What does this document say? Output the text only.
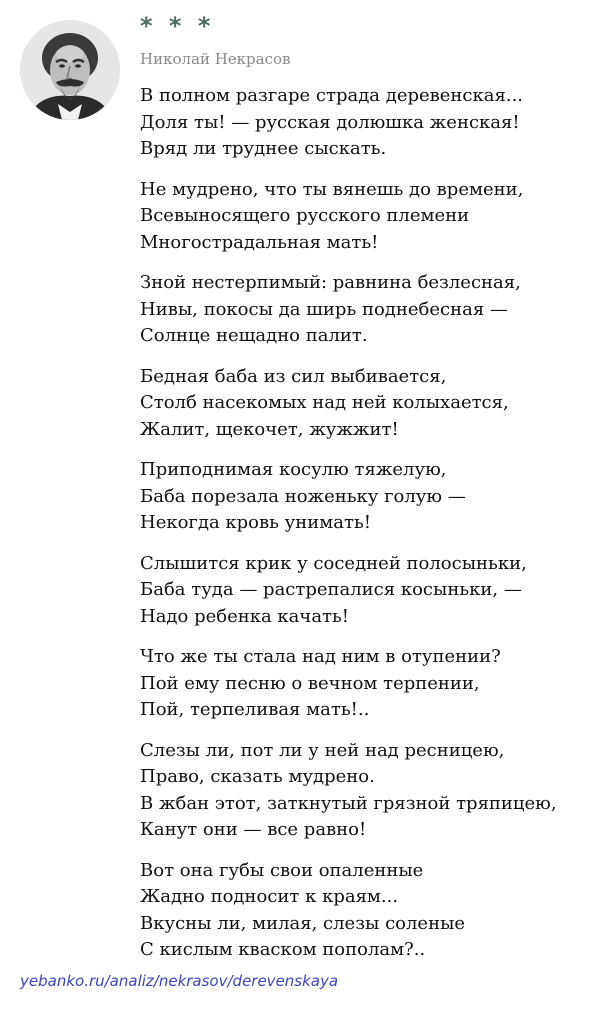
* * *
Николай Некрасов
В полном разгаре страда деревенская...
Доля ты! — русская долюшка женская!
Вряд ли труднее сыскать.
Не мудрено, что ты вянешь до времени,
Всевыносящего русского племени
Многострадальная мать!
Зной нестерпимый: равнина безлесная,
Нивы, покосы да ширь поднебесная —
Солнце нещадно палит.
Бедная баба из сил выбивается,
Столб насекомых над ней колыхается,
Жалит, щекочет, жужжит!
Приподнимая косулю тяжелую,
Баба порезала ноженьку голую —
Некогда кровь унимать!
Слышится крик у соседней полосыньки,
Баба туда — растрепалися косыньки, —
Надо ребенка качать!
Что же ты стала над ним в отупении?
Пой ему песню о вечном терпении,
Пой, терпеливая мать!..
Слезы ли, пот ли у ней над ресницею,
Право, сказать мудрено.
В жбан этот, заткнутый грязной тряпицею,
Канут они — все равно!
Вот она губы свои опаленные
Жадно подносит к краям...
Вкусны ли, милая, слезы соленые
С кислым кваском пополам?..
yebanko.ru/analiz/nekrasov/derevenskaya
